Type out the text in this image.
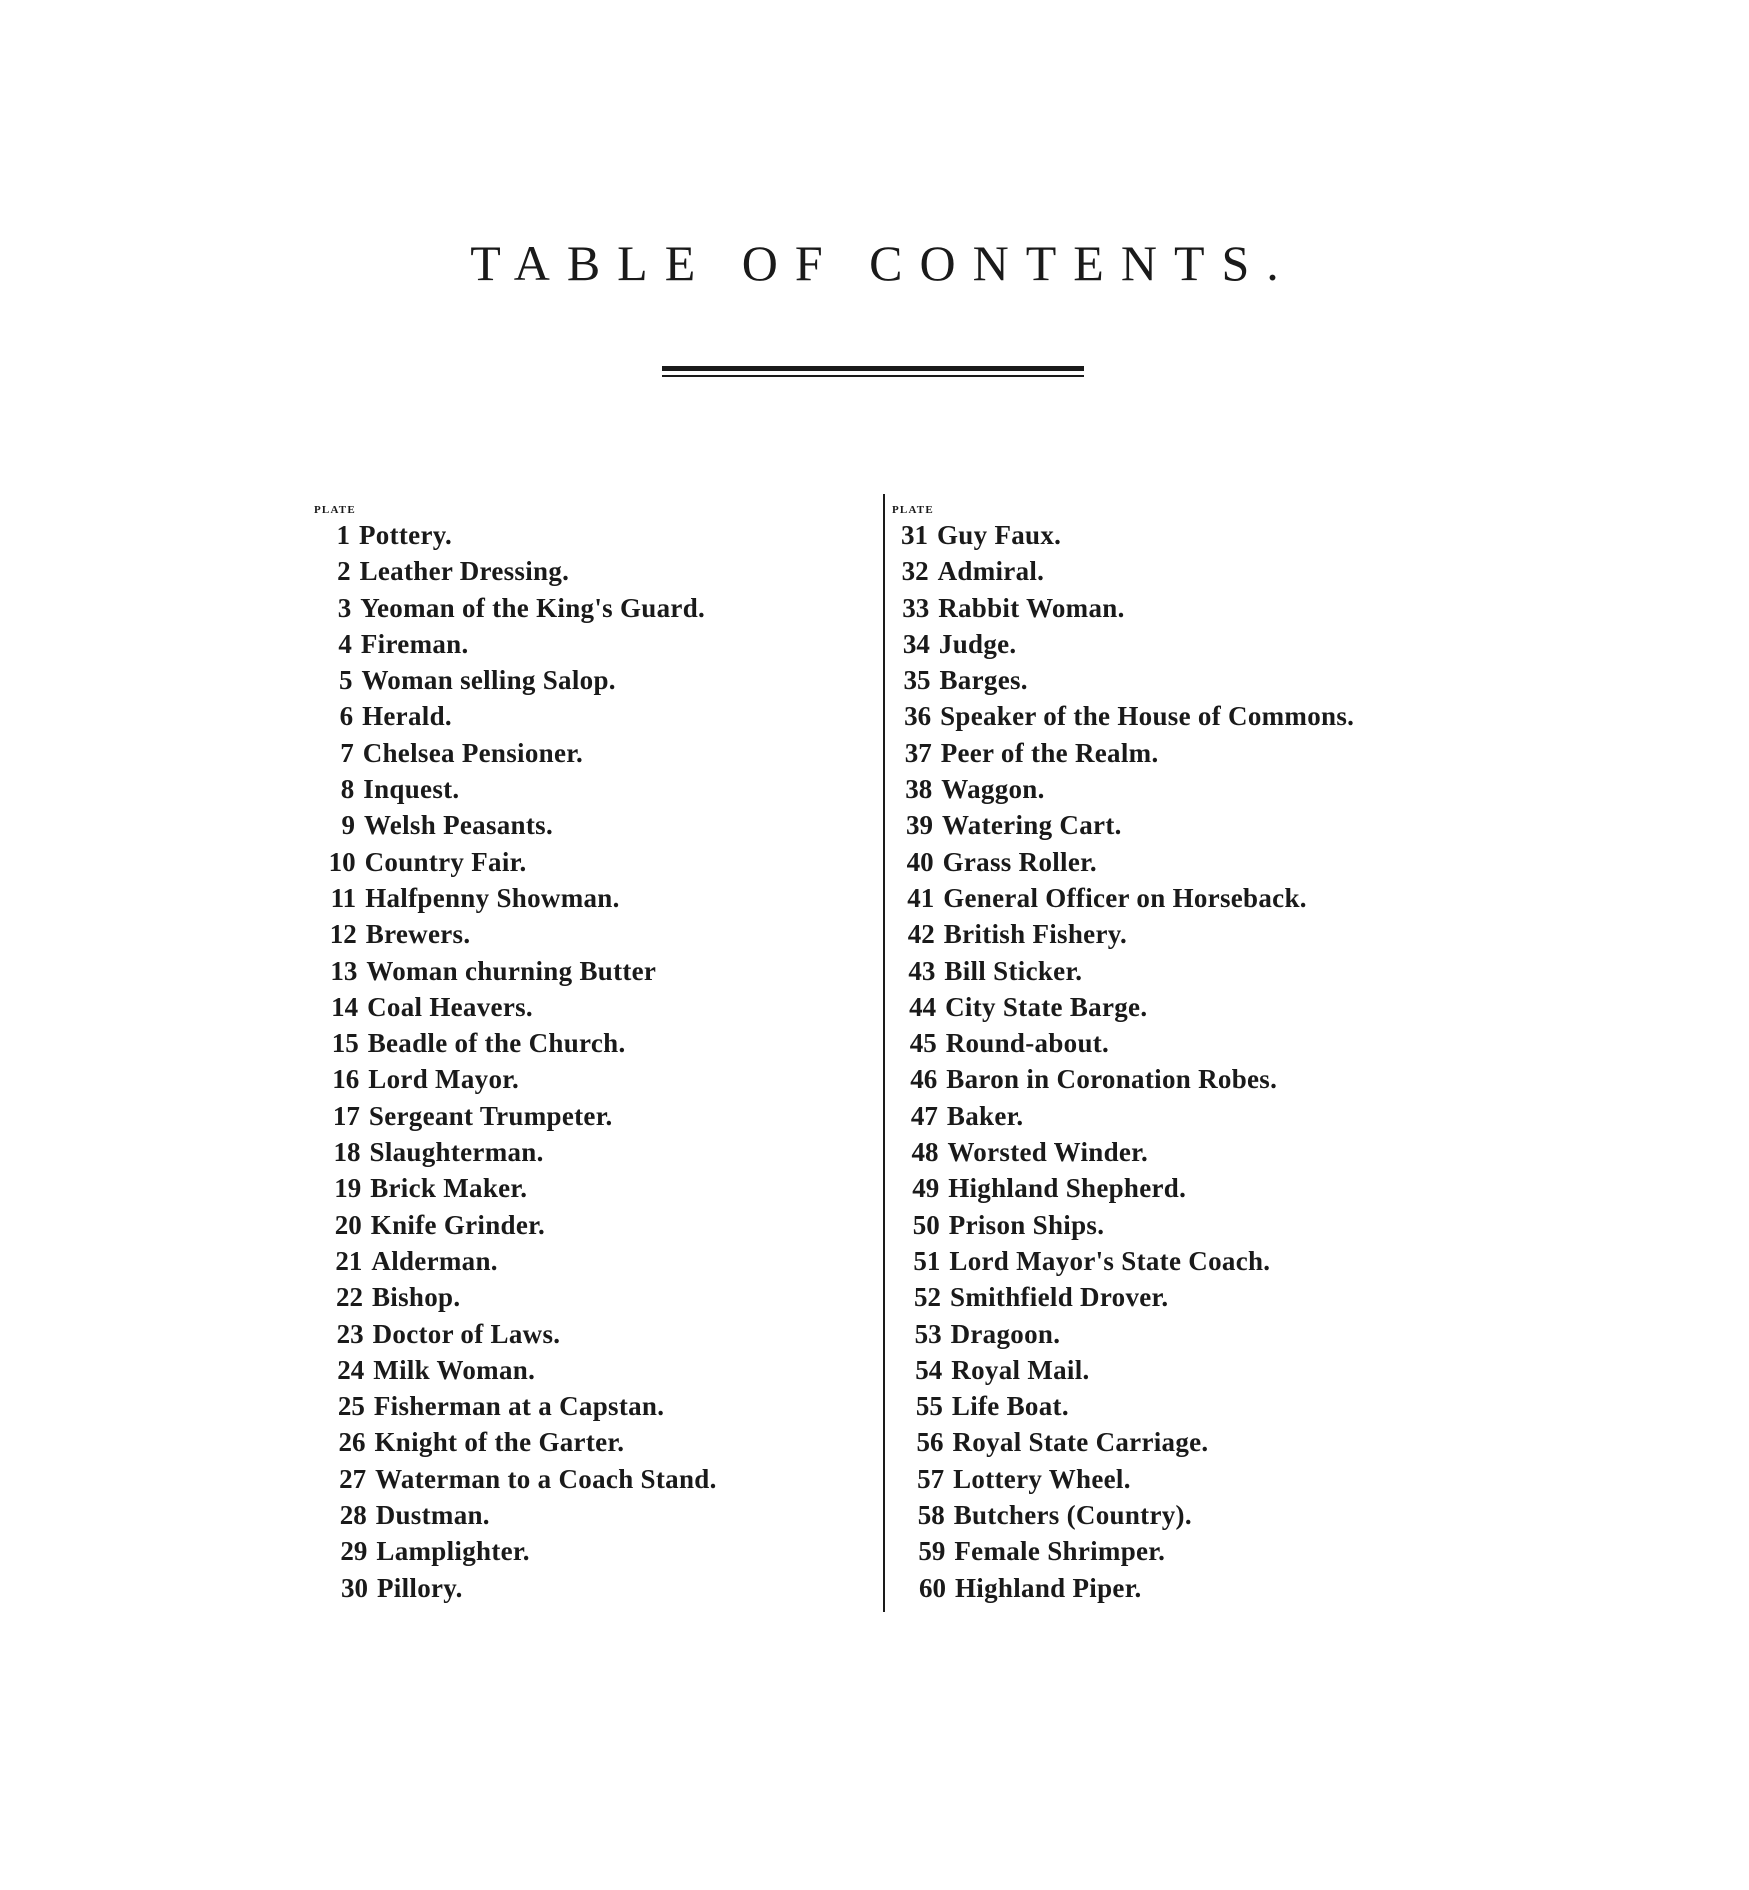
TABLE OF CONTENTS.
PLATE
1 Pottery.
2 Leather Dressing.
3 Yeoman of the King's Guard.
4 Fireman.
5 Woman selling Salop.
6 Herald.
7 Chelsea Pensioner.
8 Inquest.
9 Welsh Peasants.
10 Country Fair.
11 Halfpenny Showman.
12 Brewers.
13 Woman churning Butter
14 Coal Heavers.
15 Beadle of the Church.
16 Lord Mayor.
17 Sergeant Trumpeter.
18 Slaughterman.
19 Brick Maker.
20 Knife Grinder.
21 Alderman.
22 Bishop.
23 Doctor of Laws.
24 Milk Woman.
25 Fisherman at a Capstan.
26 Knight of the Garter.
27 Waterman to a Coach Stand.
28 Dustman.
29 Lamplighter.
30 Pillory.
PLATE
31 Guy Faux.
32 Admiral.
33 Rabbit Woman.
34 Judge.
35 Barges.
36 Speaker of the House of Commons.
37 Peer of the Realm.
38 Waggon.
39 Watering Cart.
40 Grass Roller.
41 General Officer on Horseback.
42 British Fishery.
43 Bill Sticker.
44 City State Barge.
45 Round-about.
46 Baron in Coronation Robes.
47 Baker.
48 Worsted Winder.
49 Highland Shepherd.
50 Prison Ships.
51 Lord Mayor's State Coach.
52 Smithfield Drover.
53 Dragoon.
54 Royal Mail.
55 Life Boat.
56 Royal State Carriage.
57 Lottery Wheel.
58 Butchers (Country).
59 Female Shrimper.
60 Highland Piper.
